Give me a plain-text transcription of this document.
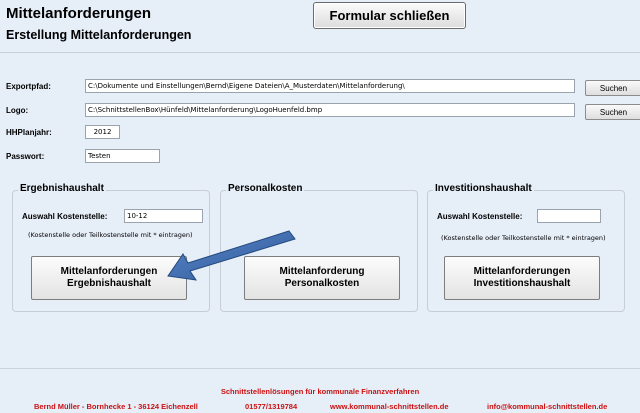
Mittelanforderungen
Erstellung Mittelanforderungen
Formular schließen
Exportpfad:	C:\Dokumente und Einstellungen\Bernd\Eigene Dateien\A_Musterdaten\Mittelanforderung\	Suchen
Logo:	C:\SchnittstellenBox\Hünfeld\Mittelanforderung\LogoHuenfeld.bmp	Suchen
HHPlanjahr:	2012
Passwort:	Testen
Ergebnishaushalt
Auswahl Kostenstelle:	10-12
(Kostenstelle oder Teilkostenstelle mit * eintragen)
Mittelanforderungen
Ergebnishaushalt
Personalkosten
Mittelanforderung
Personalkosten
Investitionshaushalt
Auswahl Kostenstelle:
(Kostenstelle oder Teilkostenstelle mit * eintragen)
Mittelanforderungen
Investitionshaushalt
Schnittstellenlösungen für kommunale Finanzverfahren
Bernd Müller - Bornhecke 1 - 36124 Eichenzell	01577/1319784	www.kommunal-schnittstellen.de	info@kommunal-schnittstellen.de
